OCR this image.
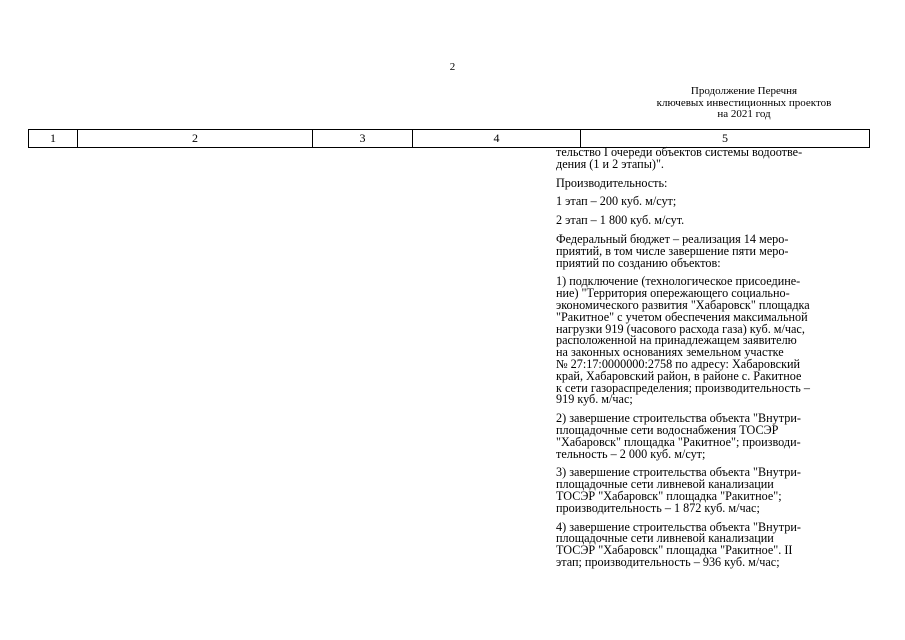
2
Продолжение Перечня
ключевых инвестиционных проектов
на 2021 год
1	2	3	4	5
тельство I очереди объектов системы водоотве-
дения (1 и 2 этапы)".
Производительность:
1 этап – 200 куб. м/сут;
2 этап – 1 800 куб. м/сут.
Федеральный бюджет – реализация 14 меро-
приятий, в том числе завершение пяти меро-
приятий по созданию объектов:
1) подключение (технологическое присоедине-
ние) "Территория опережающего социально-
экономического развития "Хабаровск" площадка
"Ракитное" с учетом обеспечения максимальной
нагрузки 919 (часового расхода газа) куб. м/час,
расположенной на принадлежащем заявителю
на законных основаниях земельном участке
№ 27:17:0000000:2758 по адресу: Хабаровский
край, Хабаровский район, в районе с. Ракитное
к сети газораспределения; производительность –
919 куб. м/час;
2) завершение строительства объекта "Внутри-
площадочные сети водоснабжения ТОСЭР
"Хабаровск" площадка "Ракитное"; производи-
тельность – 2 000 куб. м/сут;
3) завершение строительства объекта "Внутри-
площадочные сети ливневой канализации
ТОСЭР "Хабаровск" площадка "Ракитное";
производительность – 1 872 куб. м/час;
4) завершение строительства объекта "Внутри-
площадочные сети ливневой канализации
ТОСЭР "Хабаровск" площадка "Ракитное". II
этап; производительность – 936 куб. м/час;
